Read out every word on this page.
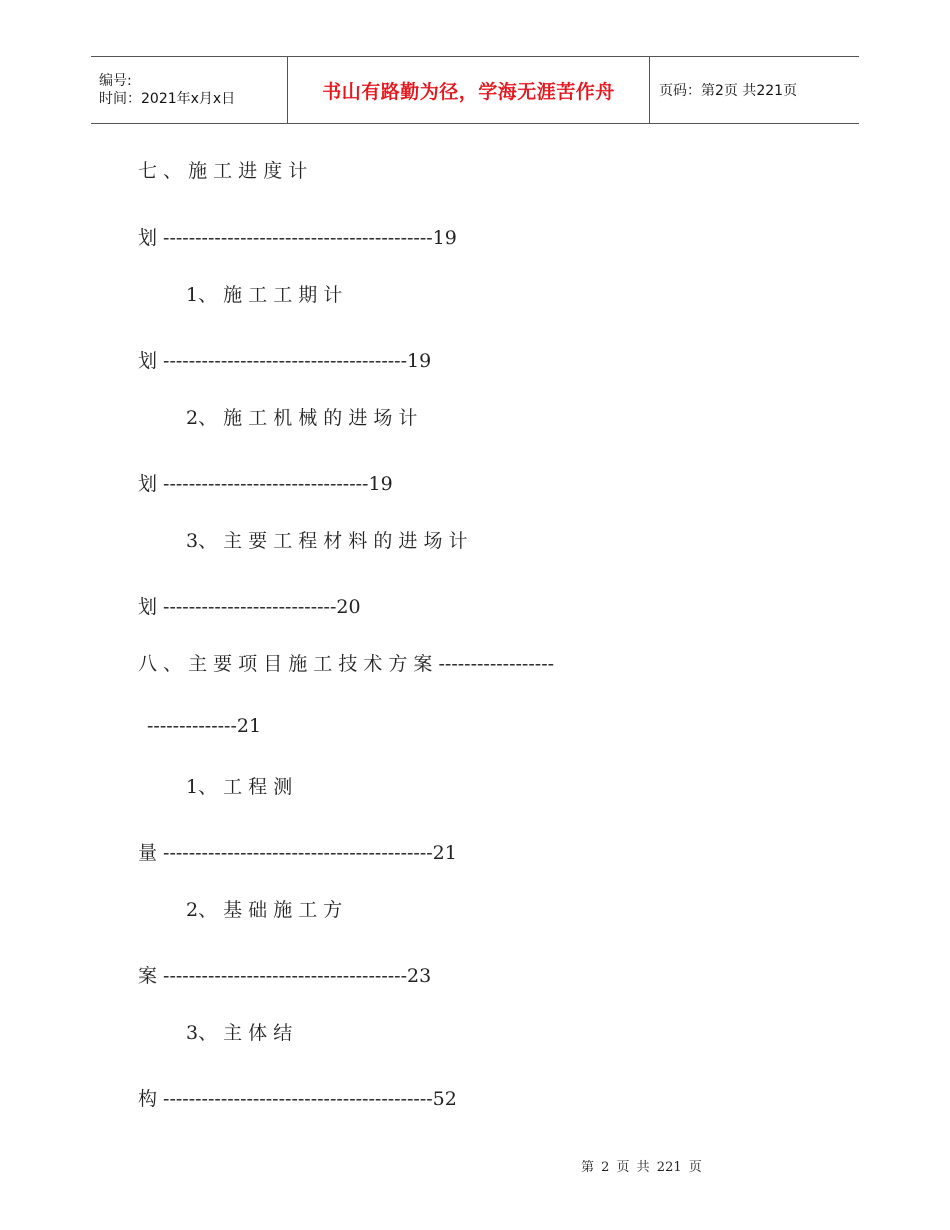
编号:
时间：2021年x月x日	书山有路勤为径，学海无涯苦作舟	页码：第2页 共221页
七 、 施 工 进 度 计
划 ------------------------------------------19
1、 施 工 工 期 计
划 --------------------------------------19
2、 施 工 机 械 的 进 场 计
划 --------------------------------19
3、 主 要 工 程 材 料 的 进 场 计
划 ---------------------------20
八 、 主 要 项 目 施 工 技 术 方 案 ------------------
--------------21
1、 工 程 测
量 ------------------------------------------21
2、 基 础 施 工 方
案 --------------------------------------23
3、 主 体 结
构 ------------------------------------------52
第 2 页 共 221 页
